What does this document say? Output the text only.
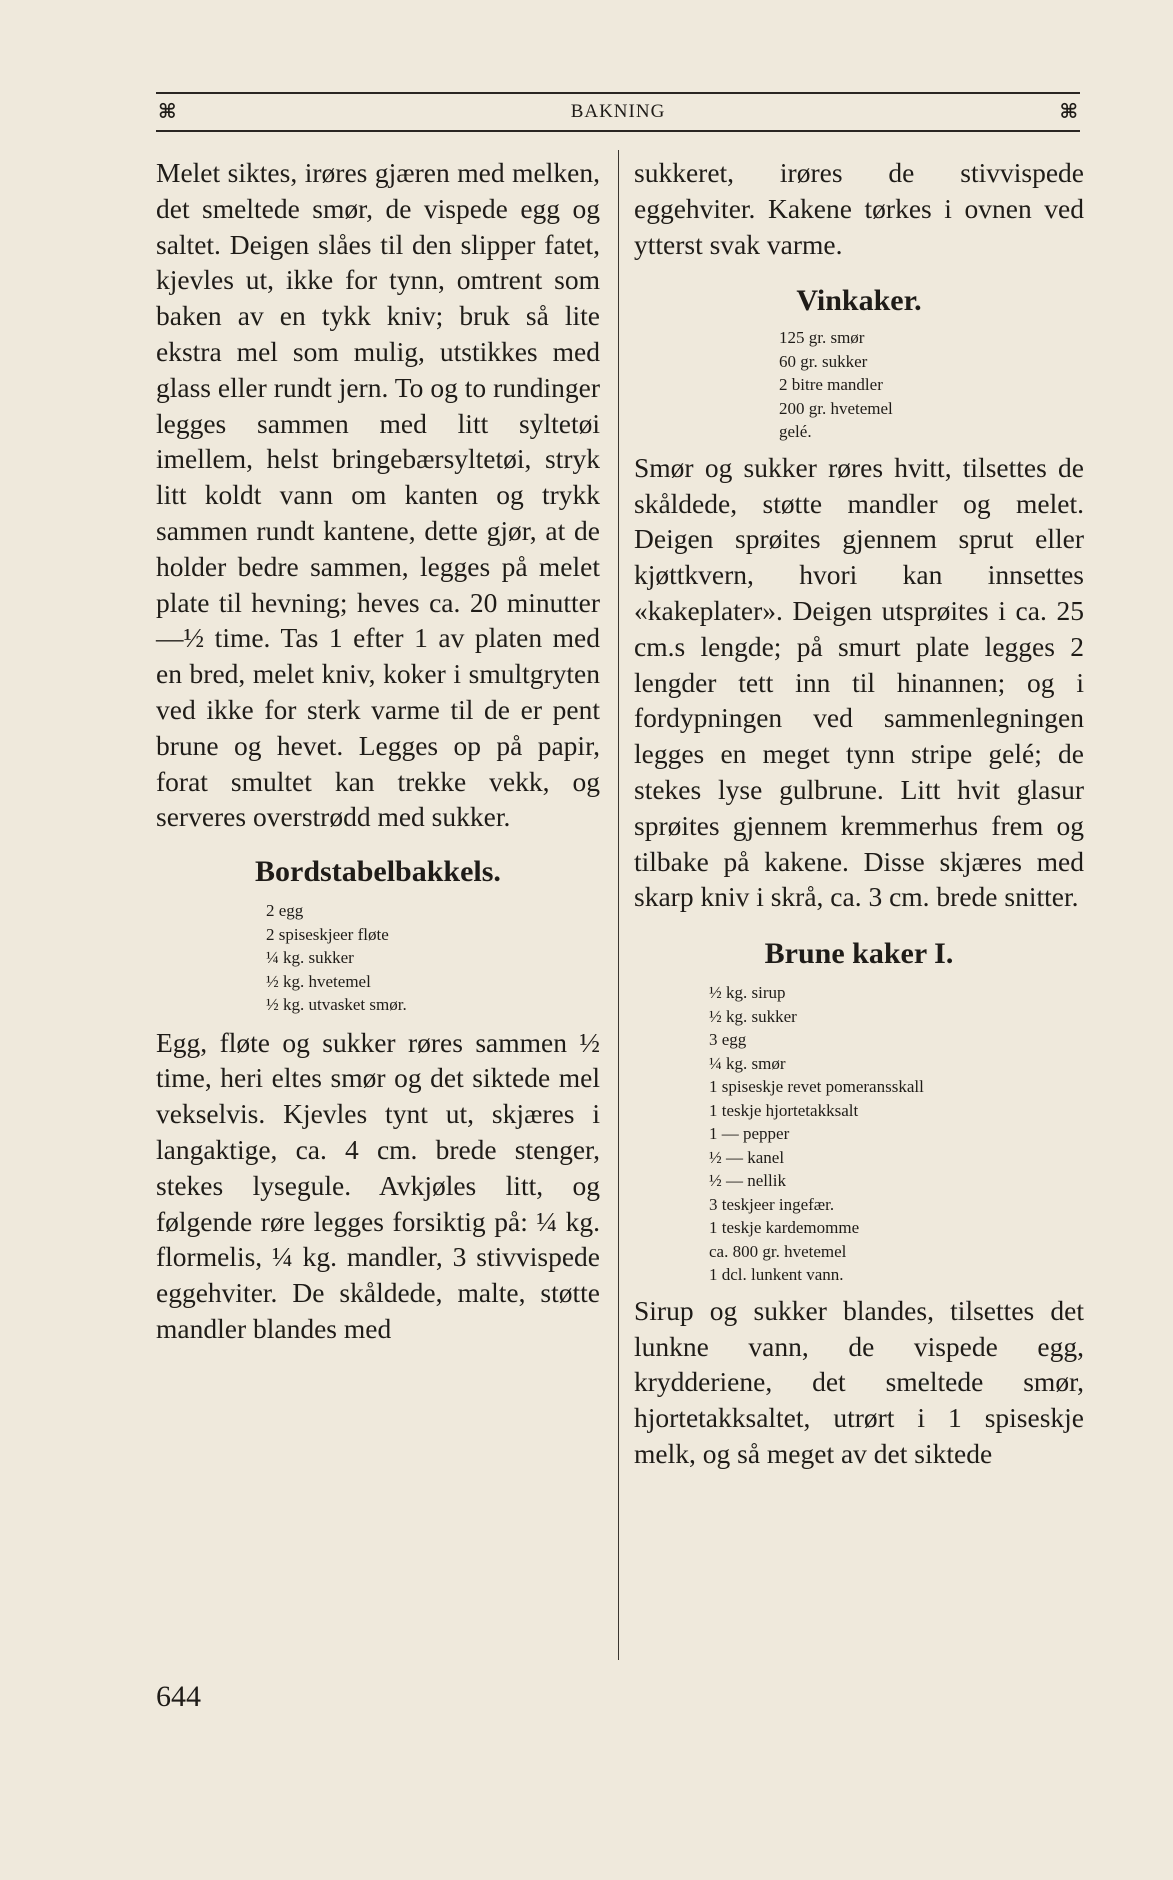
⌘	BAKNING	⌘

Melet siktes, irøres gjæren med melken, det smeltede smør, de vispede egg og saltet. Deigen slåes til den slipper fatet, kjevles ut, ikke for tynn, omtrent som baken av en tykk kniv; bruk så lite ekstra mel som mulig, utstikkes med glass eller rundt jern. To og to rundinger legges sammen med litt syltetøi imellem, helst bringebærsyltetøi, stryk litt koldt vann om kanten og trykk sammen rundt kantene, dette gjør, at de holder bedre sammen, legges på melet plate til hevning; heves ca. 20 minutter—½ time. Tas 1 efter 1 av platen med en bred, melet kniv, koker i smultgryten ved ikke for sterk varme til de er pent brune og hevet. Legges op på papir, forat smultet kan trekke vekk, og serveres overstrødd med sukker.

Bordstabelbakkels.
2 egg
2 spiseskjeer fløte
¼ kg. sukker
½ kg. hvetemel
½ kg. utvasket smør.

Egg, fløte og sukker røres sammen ½ time, heri eltes smør og det siktede mel vekselvis. Kjevles tynt ut, skjæres i langaktige, ca. 4 cm. brede stenger, stekes lysegule. Avkjøles litt, og følgende røre legges forsiktig på: ¼ kg. flormelis, ¼ kg. mandler, 3 stivvispede eggehviter. De skåldede, malte, støtte mandler blandes med

sukkeret, irøres de stivvispede eggehviter. Kakene tørkes i ovnen ved ytterst svak varme.

Vinkaker.
125 gr. smør
60 gr. sukker
2 bitre mandler
200 gr. hvetemel
gelé.

Smør og sukker røres hvitt, tilsettes de skåldede, støtte mandler og melet. Deigen sprøites gjennem sprut eller kjøttkvern, hvori kan innsettes «kakeplater». Deigen utsprøites i ca. 25 cm.s lengde; på smurt plate legges 2 lengder tett inn til hinannen; og i fordypningen ved sammenlegningen legges en meget tynn stripe gelé; de stekes lyse gulbrune. Litt hvit glasur sprøites gjennem kremmerhus frem og tilbake på kakene. Disse skjæres med skarp kniv i skrå, ca. 3 cm. brede snitter.

Brune kaker I.
½ kg. sirup
½ kg. sukker
3 egg
¼ kg. smør
1 spiseskje revet pomeransskall
1 teskje hjortetakksalt
1 — pepper
½ — kanel
½ — nellik
3 teskjeer ingefær.
1 teskje kardemomme
ca. 800 gr. hvetemel
1 dcl. lunkent vann.

Sirup og sukker blandes, tilsettes det lunkne vann, de vispede egg, krydderiene, det smeltede smør, hjortetakksaltet, utrørt i 1 spiseskje melk, og så meget av det siktede

644
